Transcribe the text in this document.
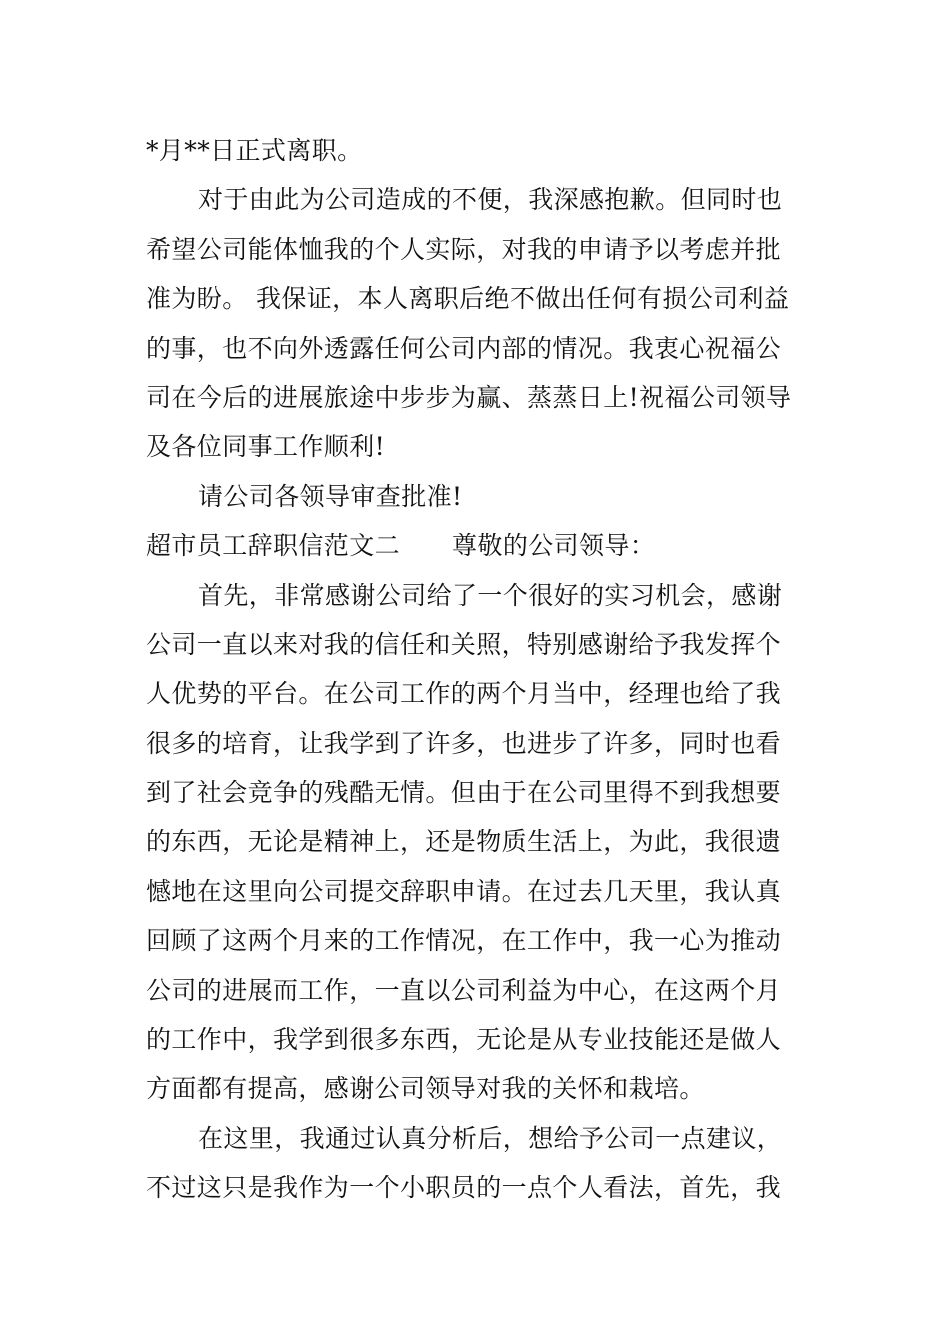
*月**日正式离职。
对于由此为公司造成的不便，我深感抱歉。但同时也
希望公司能体恤我的个人实际，对我的申请予以考虑并批
准为盼。 我保证，本人离职后绝不做出任何有损公司利益
的事，也不向外透露任何公司内部的情况。我衷心祝福公
司在今后的进展旅途中步步为赢、蒸蒸日上!祝福公司领导
及各位同事工作顺利!
请公司各领导审查批准!
超市员工辞职信范文二 尊敬的公司领导：
首先，非常感谢公司给了一个很好的实习机会，感谢
公司一直以来对我的信任和关照，特别感谢给予我发挥个
人优势的平台。在公司工作的两个月当中，经理也给了我
很多的培育，让我学到了许多，也进步了许多，同时也看
到了社会竞争的残酷无情。但由于在公司里得不到我想要
的东西，无论是精神上，还是物质生活上，为此，我很遗
憾地在这里向公司提交辞职申请。在过去几天里，我认真
回顾了这两个月来的工作情况，在工作中，我一心为推动
公司的进展而工作，一直以公司利益为中心，在这两个月
的工作中，我学到很多东西，无论是从专业技能还是做人
方面都有提高，感谢公司领导对我的关怀和栽培。
在这里，我通过认真分析后，想给予公司一点建议，
不过这只是我作为一个小职员的一点个人看法，首先，我
